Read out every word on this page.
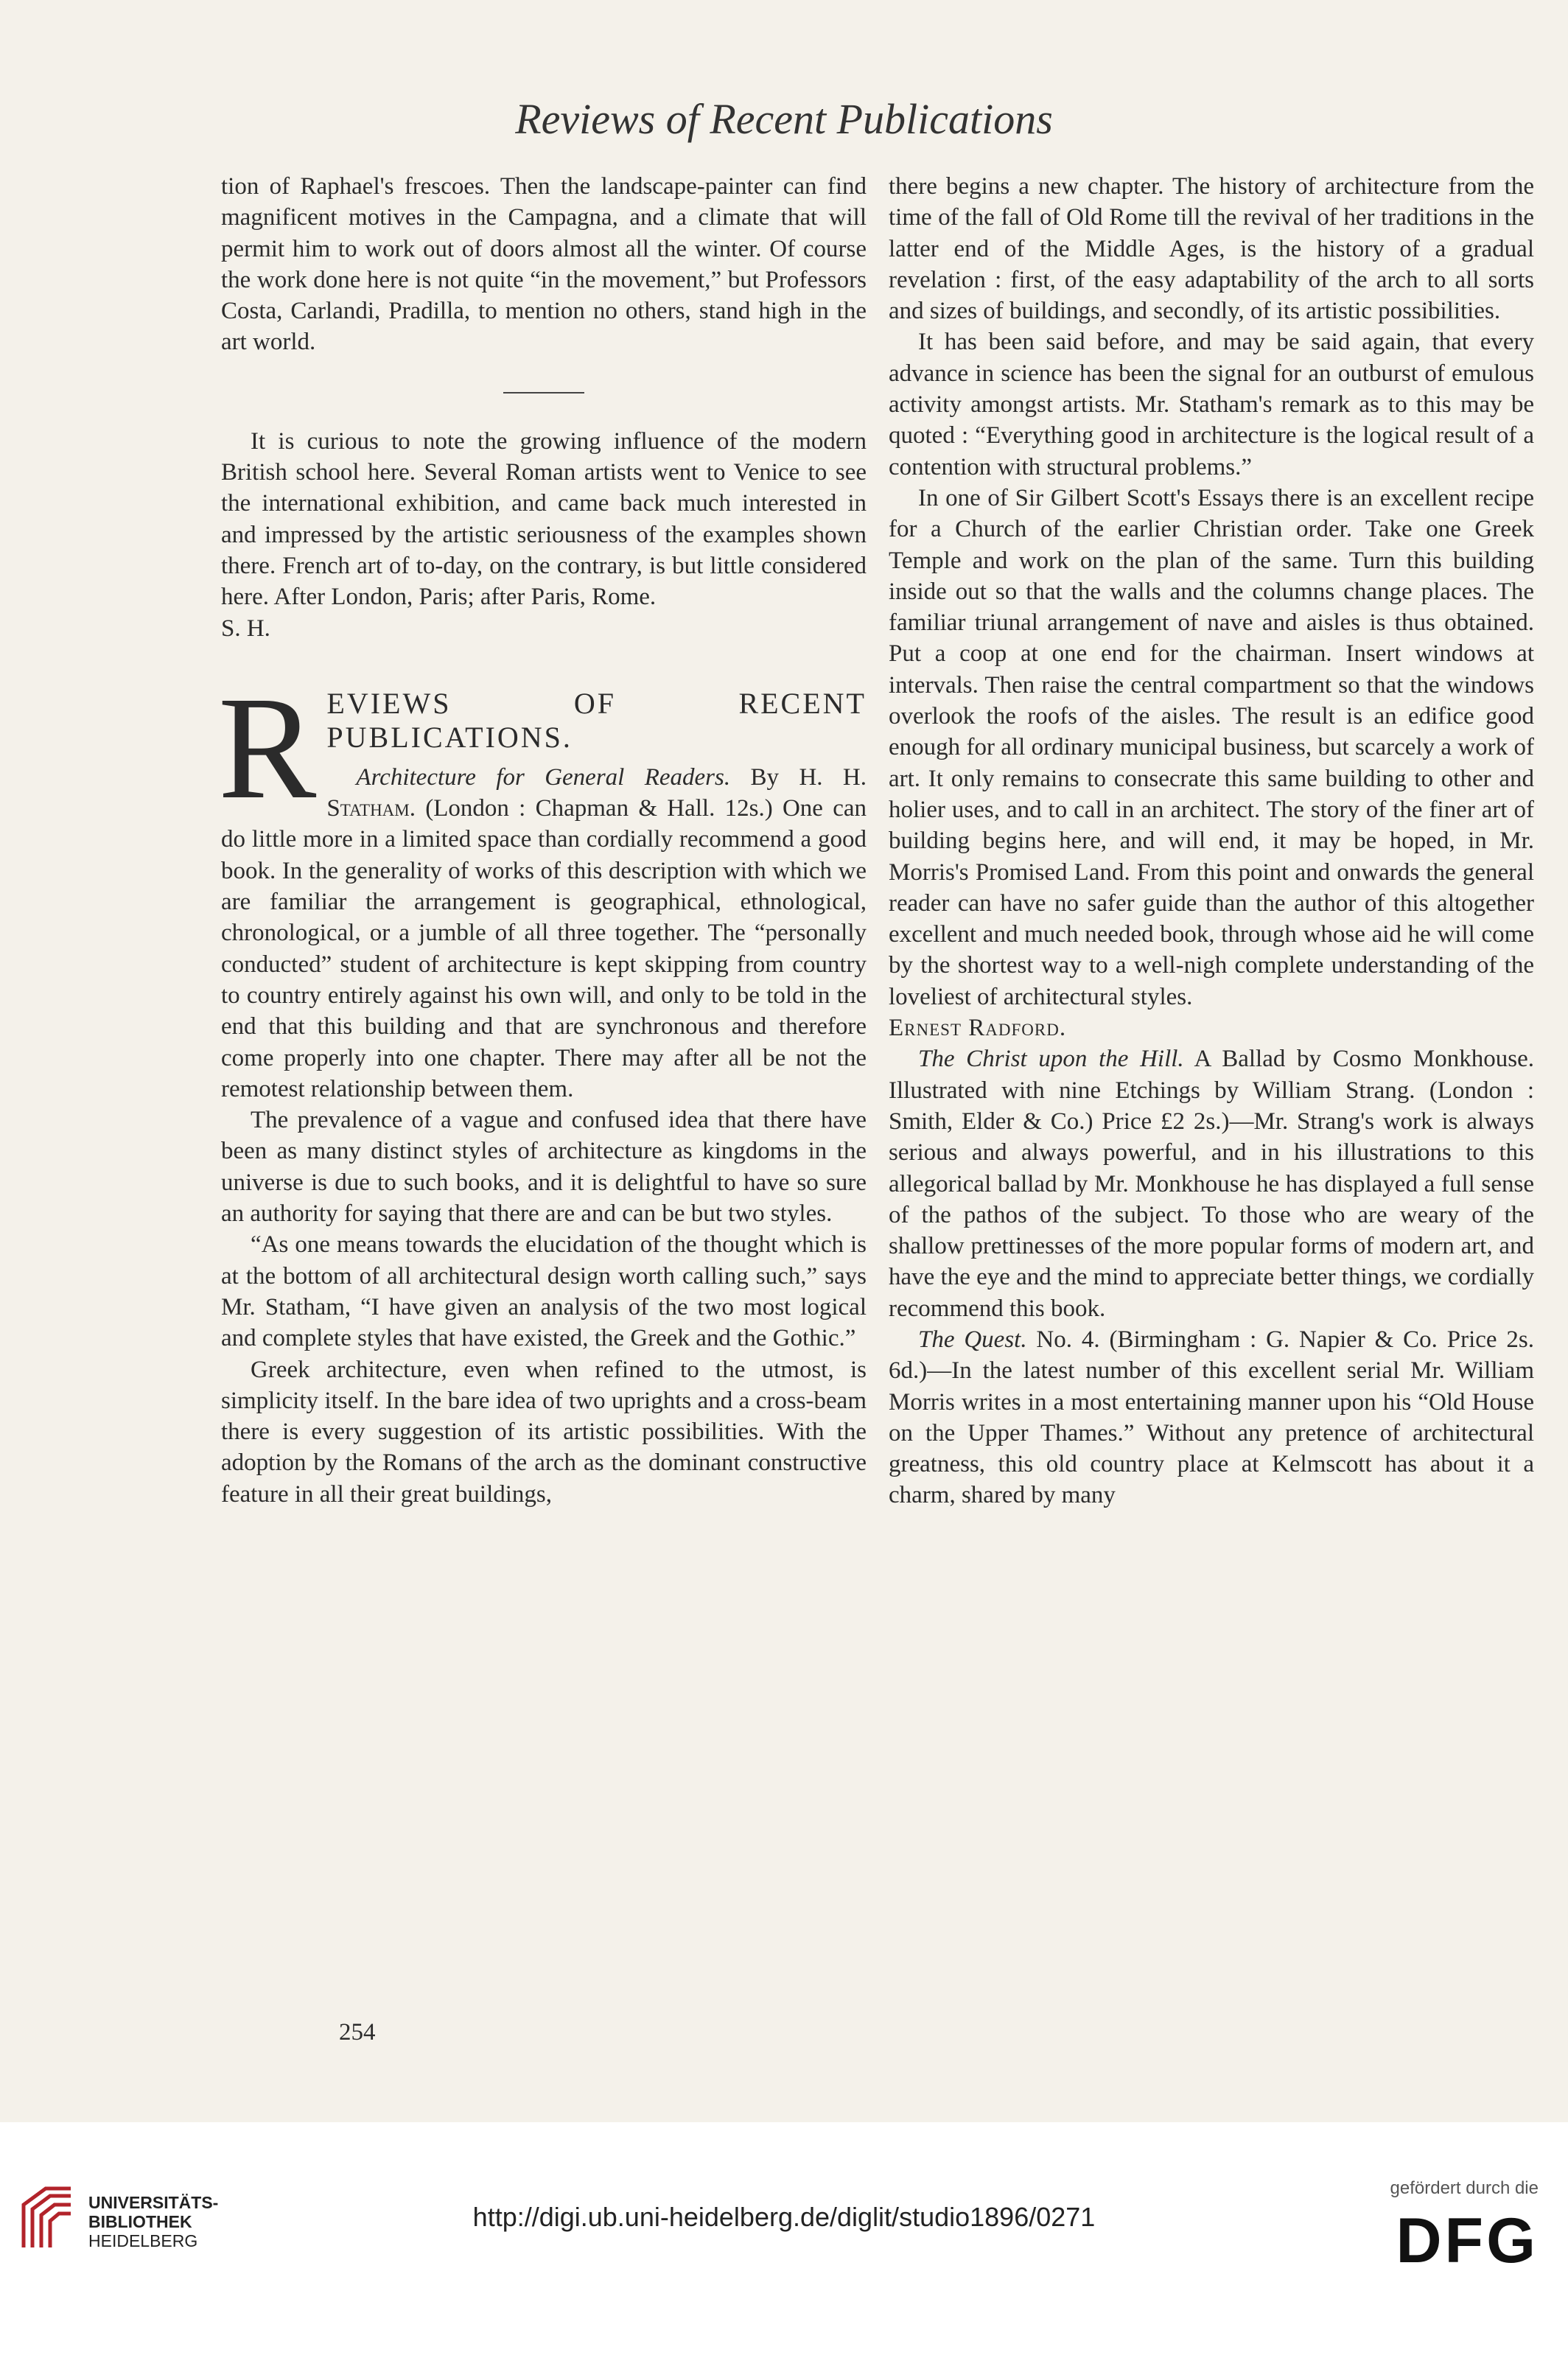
Reviews of Recent Publications

tion of Raphael's frescoes. Then the landscape-painter can find magnificent motives in the Campagna, and a climate that will permit him to work out of doors almost all the winter. Of course the work done here is not quite “in the movement,” but Professors Costa, Carlandi, Pradilla, to mention no others, stand high in the art world.

It is curious to note the growing influence of the modern British school here. Several Roman artists went to Venice to see the international exhibition, and came back much interested in and impressed by the artistic seriousness of the examples shown there. French art of to-day, on the contrary, is but little considered here. After London, Paris; after Paris, Rome.

S. H.

R EVIEWS OF RECENT PUBLICATIONS.

Architecture for General Readers. By H. H. Statham. (London : Chapman & Hall. 12s.) One can do little more in a limited space than cordially recommend a good book. In the generality of works of this description with which we are familiar the arrangement is geographical, ethnological, chronological, or a jumble of all three together. The “personally conducted” student of architecture is kept skipping from country to country entirely against his own will, and only to be told in the end that this building and that are synchronous and therefore come properly into one chapter. There may after all be not the remotest relationship between them.

The prevalence of a vague and confused idea that there have been as many distinct styles of architecture as kingdoms in the universe is due to such books, and it is delightful to have so sure an authority for saying that there are and can be but two styles.

“As one means towards the elucidation of the thought which is at the bottom of all architectural design worth calling such,” says Mr. Statham, “I have given an analysis of the two most logical and complete styles that have existed, the Greek and the Gothic.”

Greek architecture, even when refined to the utmost, is simplicity itself. In the bare idea of two uprights and a cross-beam there is every suggestion of its artistic possibilities. With the adoption by the Romans of the arch as the dominant constructive feature in all their great buildings,

there begins a new chapter. The history of architecture from the time of the fall of Old Rome till the revival of her traditions in the latter end of the Middle Ages, is the history of a gradual revelation : first, of the easy adaptability of the arch to all sorts and sizes of buildings, and secondly, of its artistic possibilities.

It has been said before, and may be said again, that every advance in science has been the signal for an outburst of emulous activity amongst artists. Mr. Statham's remark as to this may be quoted : “Everything good in architecture is the logical result of a contention with structural problems.”

In one of Sir Gilbert Scott's Essays there is an excellent recipe for a Church of the earlier Christian order. Take one Greek Temple and work on the plan of the same. Turn this building inside out so that the walls and the columns change places. The familiar triunal arrangement of nave and aisles is thus obtained. Put a coop at one end for the chairman. Insert windows at intervals. Then raise the central compartment so that the windows overlook the roofs of the aisles. The result is an edifice good enough for all ordinary municipal business, but scarcely a work of art. It only remains to consecrate this same building to other and holier uses, and to call in an architect. The story of the finer art of building begins here, and will end, it may be hoped, in Mr. Morris's Promised Land. From this point and onwards the general reader can have no safer guide than the author of this altogether excellent and much needed book, through whose aid he will come by the shortest way to a well-nigh complete understanding of the loveliest of architectural styles.

Ernest Radford.

The Christ upon the Hill. A Ballad by Cosmo Monkhouse. Illustrated with nine Etchings by William Strang. (London : Smith, Elder & Co.) Price £2 2s.)—Mr. Strang's work is always serious and always powerful, and in his illustrations to this allegorical ballad by Mr. Monkhouse he has displayed a full sense of the pathos of the subject. To those who are weary of the shallow prettinesses of the more popular forms of modern art, and have the eye and the mind to appreciate better things, we cordially recommend this book.

The Quest. No. 4. (Birmingham : G. Napier & Co. Price 2s. 6d.)—In the latest number of this excellent serial Mr. William Morris writes in a most entertaining manner upon his “Old House on the Upper Thames.” Without any pretence of architectural greatness, this old country place at Kelmscott has about it a charm, shared by many

254
UNIVERSITÄTS-
BIBLIOTHEK
HEIDELBERG
http://digi.ub.uni-heidelberg.de/diglit/studio1896/0271
gefördert durch die
DFG
